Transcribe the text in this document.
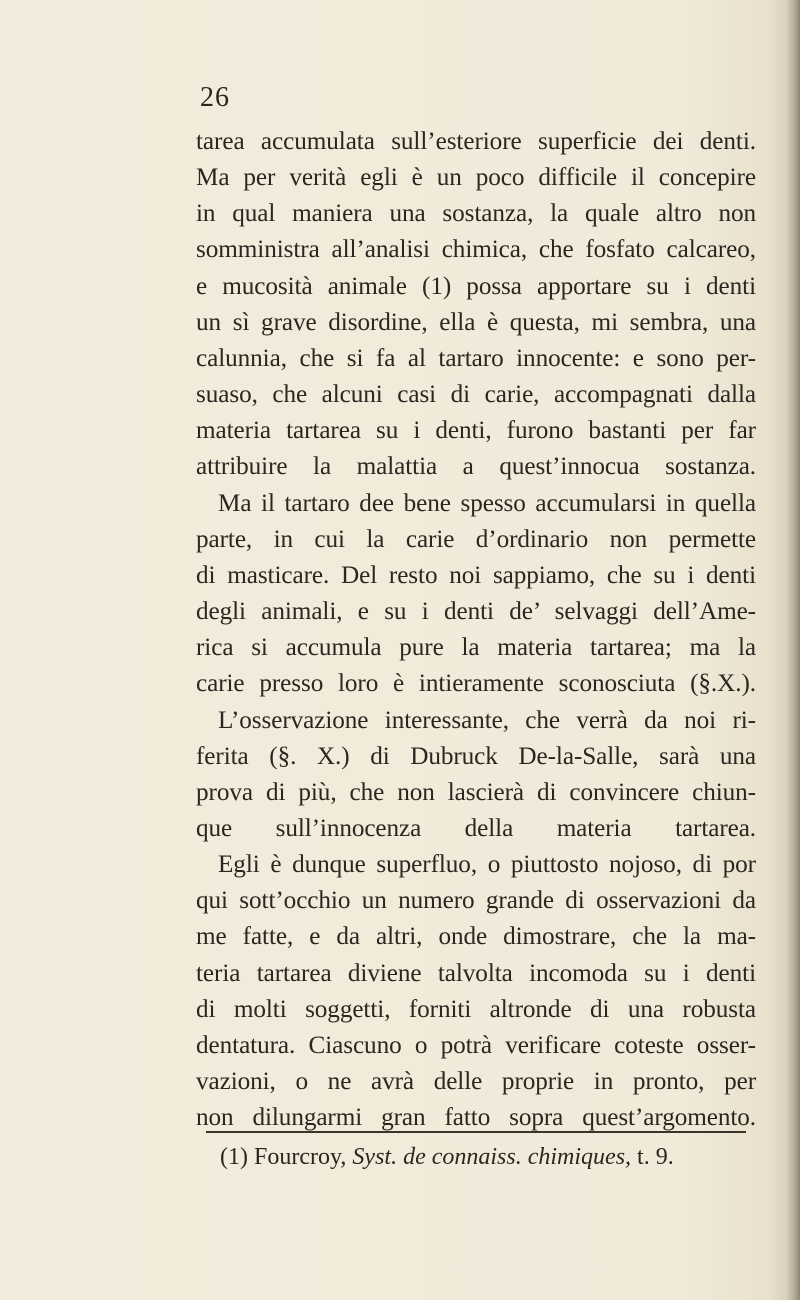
26
tarea accumulata sull’esteriore superficie dei denti.
Ma per verità egli è un poco difficile il concepire
in qual maniera una sostanza, la quale altro non
somministra all’analisi chimica, che fosfato calcareo,
e mucosità animale (1) possa apportare su i denti
un sì grave disordine, ella è questa, mi sembra, una
calunnia, che si fa al tartaro innocente: e sono per-
suaso, che alcuni casi di carie, accompagnati dalla
materia tartarea su i denti, furono bastanti per far
attribuire la malattia a quest’innocua sostanza.
Ma il tartaro dee bene spesso accumularsi in quella
parte, in cui la carie d’ordinario non permette
di masticare. Del resto noi sappiamo, che su i denti
degli animali, e su i denti de’ selvaggi dell’Ame-
rica si accumula pure la materia tartarea; ma la
carie presso loro è intieramente sconosciuta (§.X.).
L’osservazione interessante, che verrà da noi ri-
ferita (§. X.) di Dubruck De-la-Salle, sarà una
prova di più, che non lascierà di convincere chiun-
que sull’innocenza della materia tartarea.
Egli è dunque superfluo, o piuttosto nojoso, di por
qui sott’occhio un numero grande di osservazioni da
me fatte, e da altri, onde dimostrare, che la ma-
teria tartarea diviene talvolta incomoda su i denti
di molti soggetti, forniti altronde di una robusta
dentatura. Ciascuno o potrà verificare coteste osser-
vazioni, o ne avrà delle proprie in pronto, per
non dilungarmi gran fatto sopra quest’argomento.
(1) Fourcroy, Syst. de connaiss. chimiques, t. 9.
